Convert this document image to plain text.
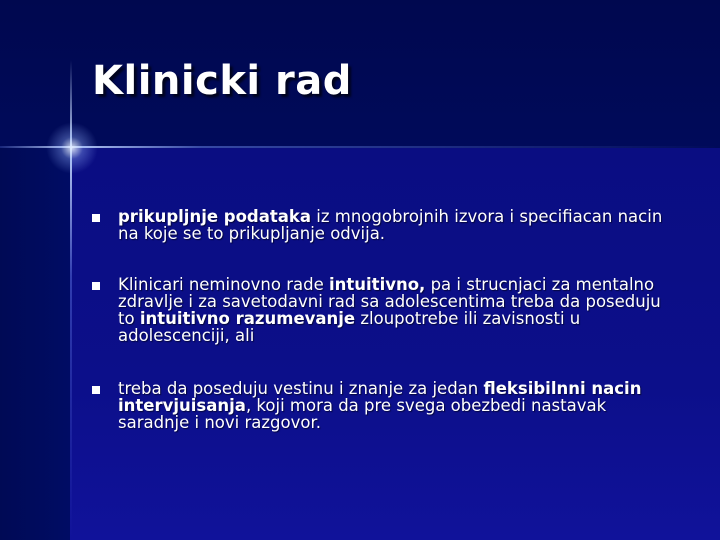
Klinicki rad
prikupljnje podataka iz mnogobrojnih izvora i specifiacan nacin na koje se to prikupljanje odvija.
Klinicari neminovno rade intuitivno, pa i strucnjaci za mentalno zdravlje i za savetodavni rad sa adolescentima treba da poseduju to intuitivno razumevanje zloupotrebe ili zavisnosti u adolescenciji, ali
treba da poseduju vestinu i znanje za jedan fleksibilnni nacin intervjuisanja, koji mora da pre svega obezbedi nastavak saradnje i novi razgovor.
